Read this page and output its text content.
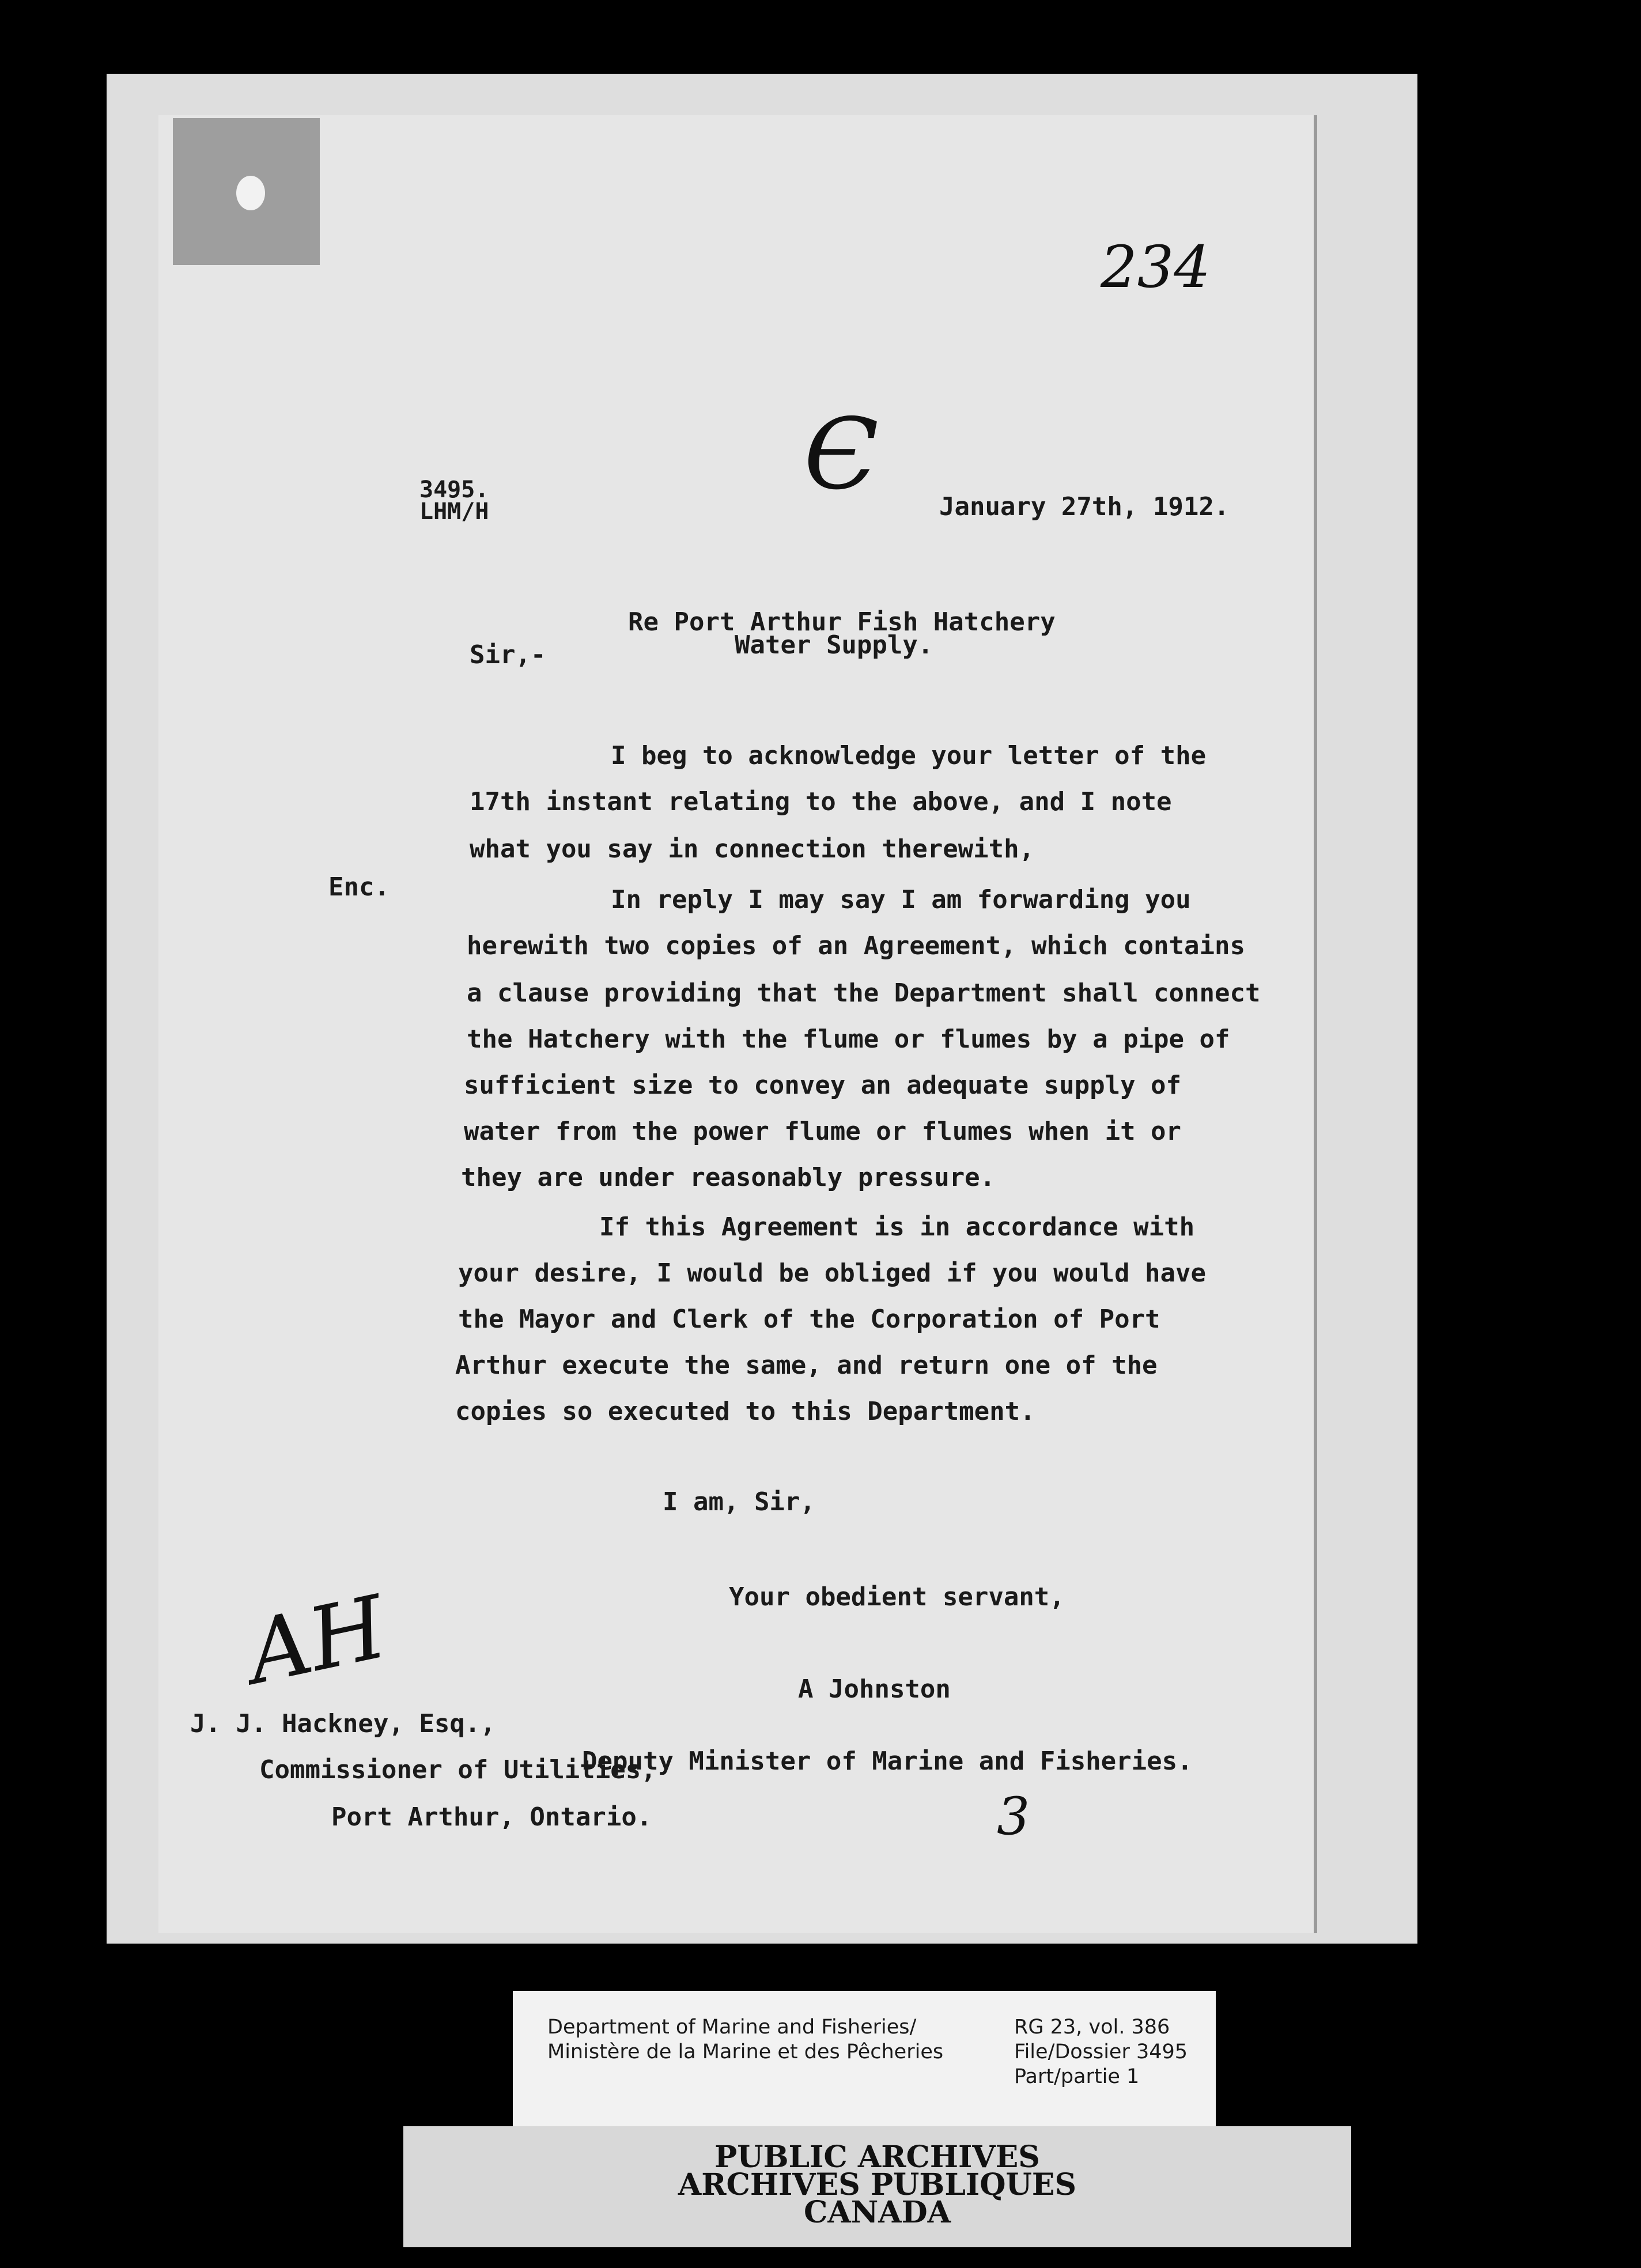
234
Є
3495.
LHM/H	January 27th, 1912.
Re Port Arthur Fish Hatchery
Water Supply.
Sir,-
Enc.
I beg to acknowledge your letter of the
17th instant relating to the above, and I note
what you say in connection therewith,
In reply I may say I am forwarding you
herewith two copies of an Agreement, which contains
a clause providing that the Department shall connect
the Hatchery with the flume or flumes by a pipe of
sufficient size to convey an adequate supply of
water from the power flume or flumes when it or
they are under reasonably pressure.
If this Agreement is in accordance with
your desire, I would be obliged if you would have
the Mayor and Clerk of the Corporation of Port
Arthur execute the same, and return one of the
copies so executed to this Department.
I am, Sir,
Your obedient servant,
A Johnston
Deputy Minister of Marine and Fisheries.
AH
J. J. Hackney, Esq.,
Commissioner of Utilities,
Port Arthur, Ontario.	3
Department of Marine and Fisheries/
Ministère de la Marine et des Pêcheries
RG 23, vol. 386
File/Dossier 3495
Part/partie 1
PUBLIC ARCHIVES
ARCHIVES PUBLIQUES
CANADA
